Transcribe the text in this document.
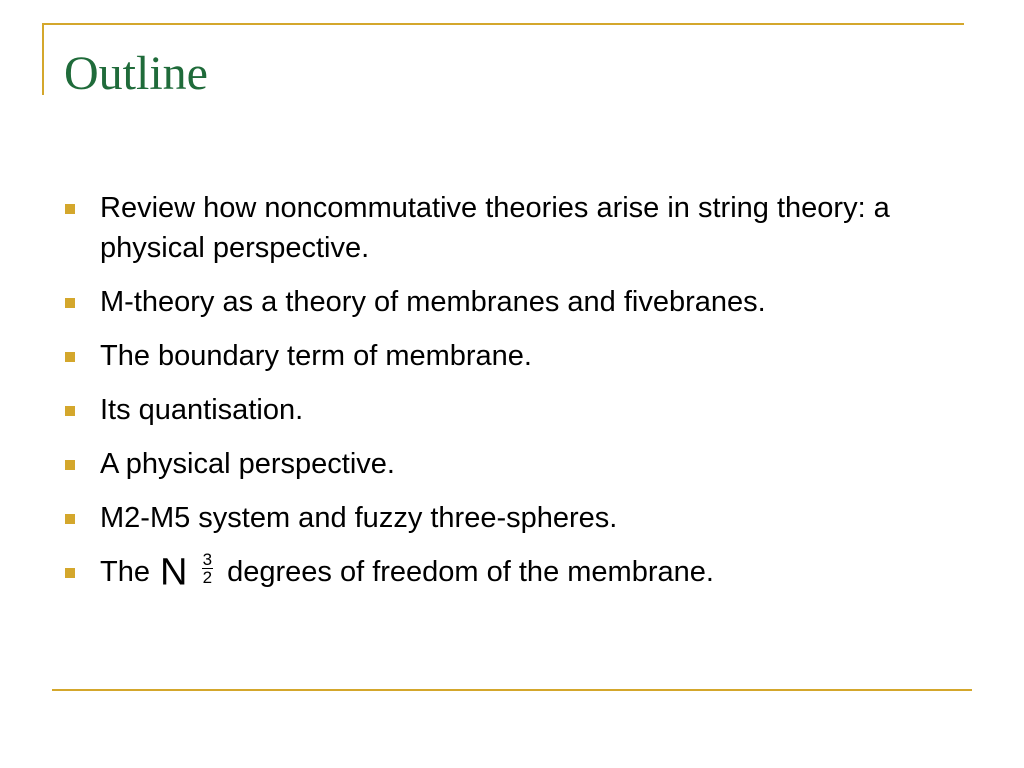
Outline
Review how noncommutative theories arise in string theory: a physical perspective.
M-theory as a theory of membranes and fivebranes.
The boundary term of membrane.
Its quantisation.
A physical perspective.
M2-M5 system and fuzzy three-spheres.
The N $\frac{3}{2}$ degrees of freedom of the membrane.
